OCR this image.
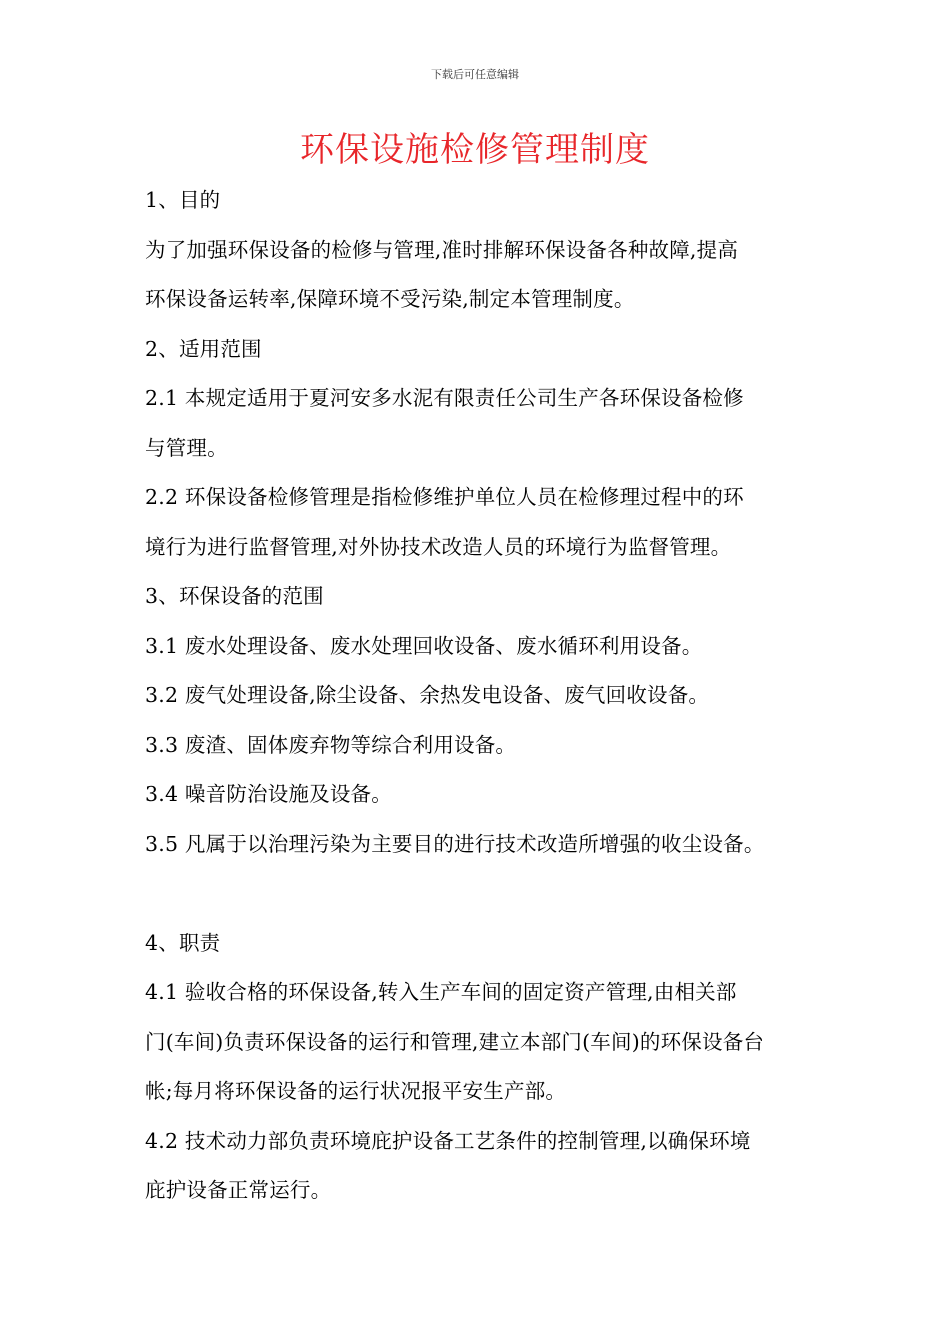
下载后可任意编辑
环保设施检修管理制度
1、目的
为了加强环保设备的检修与管理,准时排解环保设备各种故障,提高
环保设备运转率,保障环境不受污染,制定本管理制度。
2、适用范围
2.1 本规定适用于夏河安多水泥有限责任公司生产各环保设备检修
与管理。
2.2 环保设备检修管理是指检修维护单位人员在检修理过程中的环
境行为进行监督管理,对外协技术改造人员的环境行为监督管理。
3、环保设备的范围
3.1 废水处理设备、废水处理回收设备、废水循环利用设备。
3.2 废气处理设备,除尘设备、余热发电设备、废气回收设备。
3.3 废渣、固体废弃物等综合利用设备。
3.4 噪音防治设施及设备。
3.5 凡属于以治理污染为主要目的进行技术改造所增强的收尘设备。
4、职责
4.1 验收合格的环保设备,转入生产车间的固定资产管理,由相关部
门(车间)负责环保设备的运行和管理,建立本部门(车间)的环保设备台
帐;每月将环保设备的运行状况报平安生产部。
4.2 技术动力部负责环境庇护设备工艺条件的控制管理,以确保环境
庇护设备正常运行。
